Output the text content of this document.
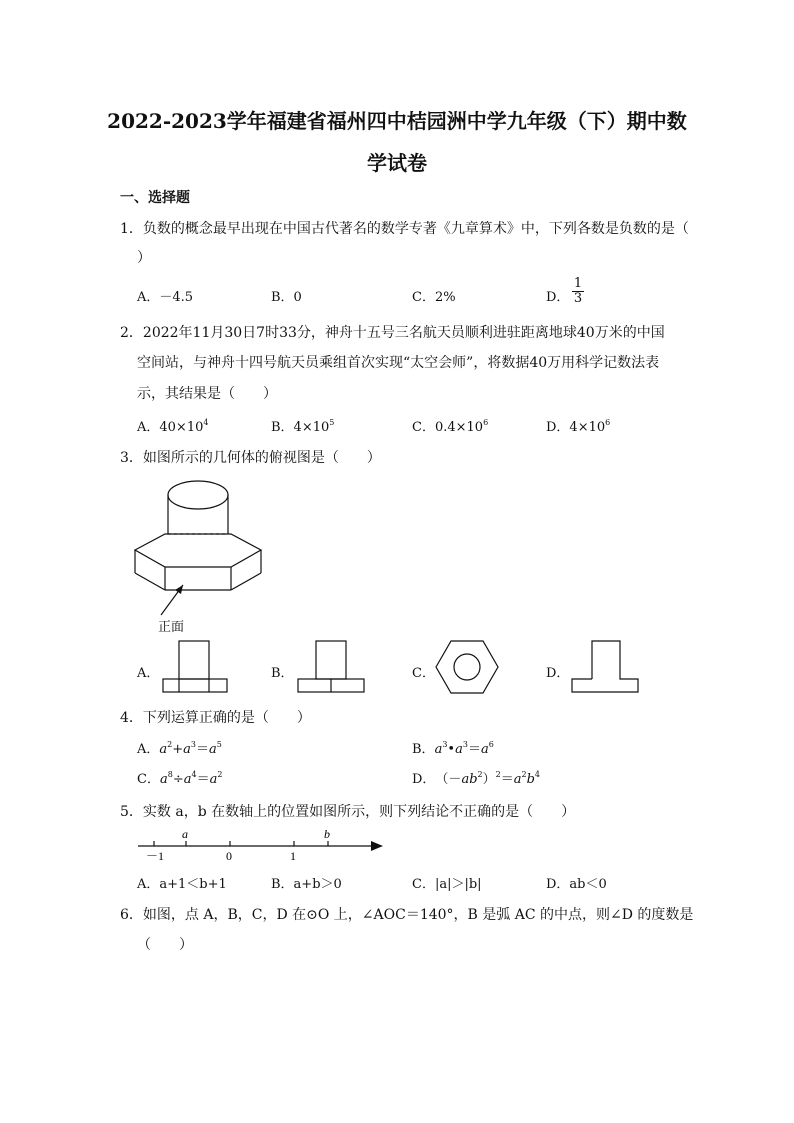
2022-2023学年福建省福州四中桔园洲中学九年级（下）期中数
学试卷
一、选择题
1．负数的概念最早出现在中国古代著名的数学专著《九章算术》中，下列各数是负数的是（
）
A．－4.5	B．0	C．2%	D． $\frac{1}{3}$
2．2022年11月30日7时33分，神舟十五号三名航天员顺利进驻距离地球40万米的中国
空间站，与神舟十四号航天员乘组首次实现“太空会师”，将数据40万用科学记数法表
示，其结果是（　　）
A．$40\times 10^4$	B．$4\times 10^5$	C．$0.4\times 10^6$	D．$4\times 10^6$
3．如图所示的几何体的俯视图是（　　）
正面
A．	B．	C．	D．
4．下列运算正确的是（　　）
A．$a^2+a^3=a^5$	B．$a^3•a^3=a^6$
C．$a^8\div a^4=a^2$	D．　$(-ab^2)^2=a^2b^4$
5．实数 a，b 在数轴上的位置如图所示，则下列结论不正确的是（　　）
a	b
－1	0	1
A．a+1＜b+1	B．a+b＞0	C．|a|＞|b|	D．ab＜0
6．如图，点 A，B，C，D 在⊙O 上，∠AOC＝140°，B 是弧 AC 的中点，则∠D 的度数是
（　　）
